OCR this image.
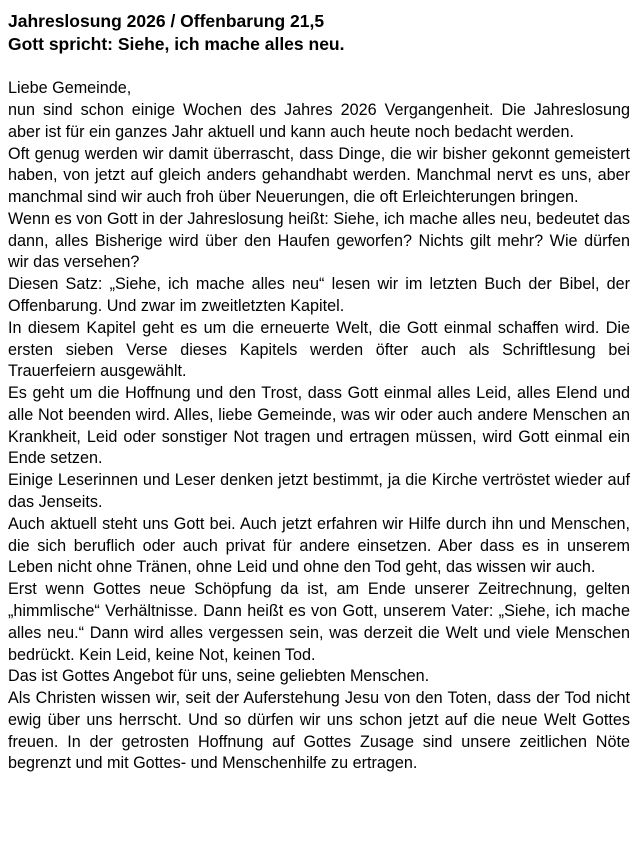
Jahreslosung 2026 / Offenbarung 21,5
Gott spricht: Siehe, ich mache alles neu.

Liebe Gemeinde,

nun sind schon einige Wochen des Jahres 2026 Vergangenheit. Die Jahreslosung aber ist für ein ganzes Jahr aktuell und kann auch heute noch bedacht werden.

Oft genug werden wir damit überrascht, dass Dinge, die wir bisher gekonnt gemeistert haben, von jetzt auf gleich anders gehandhabt werden. Manchmal nervt es uns, aber manchmal sind wir auch froh über Neuerungen, die oft Erleichterungen bringen.

Wenn es von Gott in der Jahreslosung heißt: Siehe, ich mache alles neu, bedeutet das dann, alles Bisherige wird über den Haufen geworfen? Nichts gilt mehr? Wie dürfen wir das versehen?

Diesen Satz: „Siehe, ich mache alles neu“ lesen wir im letzten Buch der Bibel, der Offenbarung. Und zwar im zweitletzten Kapitel.

In diesem Kapitel geht es um die erneuerte Welt, die Gott einmal schaffen wird. Die ersten sieben Verse dieses Kapitels werden öfter auch als Schriftlesung bei Trauerfeiern ausgewählt.

Es geht um die Hoffnung und den Trost, dass Gott einmal alles Leid, alles Elend und alle Not beenden wird. Alles, liebe Gemeinde, was wir oder auch andere Menschen an Krankheit, Leid oder sonstiger Not tragen und ertragen müssen, wird Gott einmal ein Ende setzen.

Einige Leserinnen und Leser denken jetzt bestimmt, ja die Kirche vertröstet wieder auf das Jenseits.

Auch aktuell steht uns Gott bei. Auch jetzt erfahren wir Hilfe durch ihn und Menschen, die sich beruflich oder auch privat für andere einsetzen. Aber dass es in unserem Leben nicht ohne Tränen, ohne Leid und ohne den Tod geht, das wissen wir auch.

Erst wenn Gottes neue Schöpfung da ist, am Ende unserer Zeitrechnung, gelten „himmlische“ Verhältnisse. Dann heißt es von Gott, unserem Vater: „Siehe, ich mache alles neu.“ Dann wird alles vergessen sein, was derzeit die Welt und viele Menschen bedrückt. Kein Leid, keine Not, keinen Tod.

Das ist Gottes Angebot für uns, seine geliebten Menschen.

Als Christen wissen wir, seit der Auferstehung Jesu von den Toten, dass der Tod nicht ewig über uns herrscht. Und so dürfen wir uns schon jetzt auf die neue Welt Gottes freuen. In der getrosten Hoffnung auf Gottes Zusage sind unsere zeitlichen Nöte begrenzt und mit Gottes- und Menschenhilfe zu ertragen.
